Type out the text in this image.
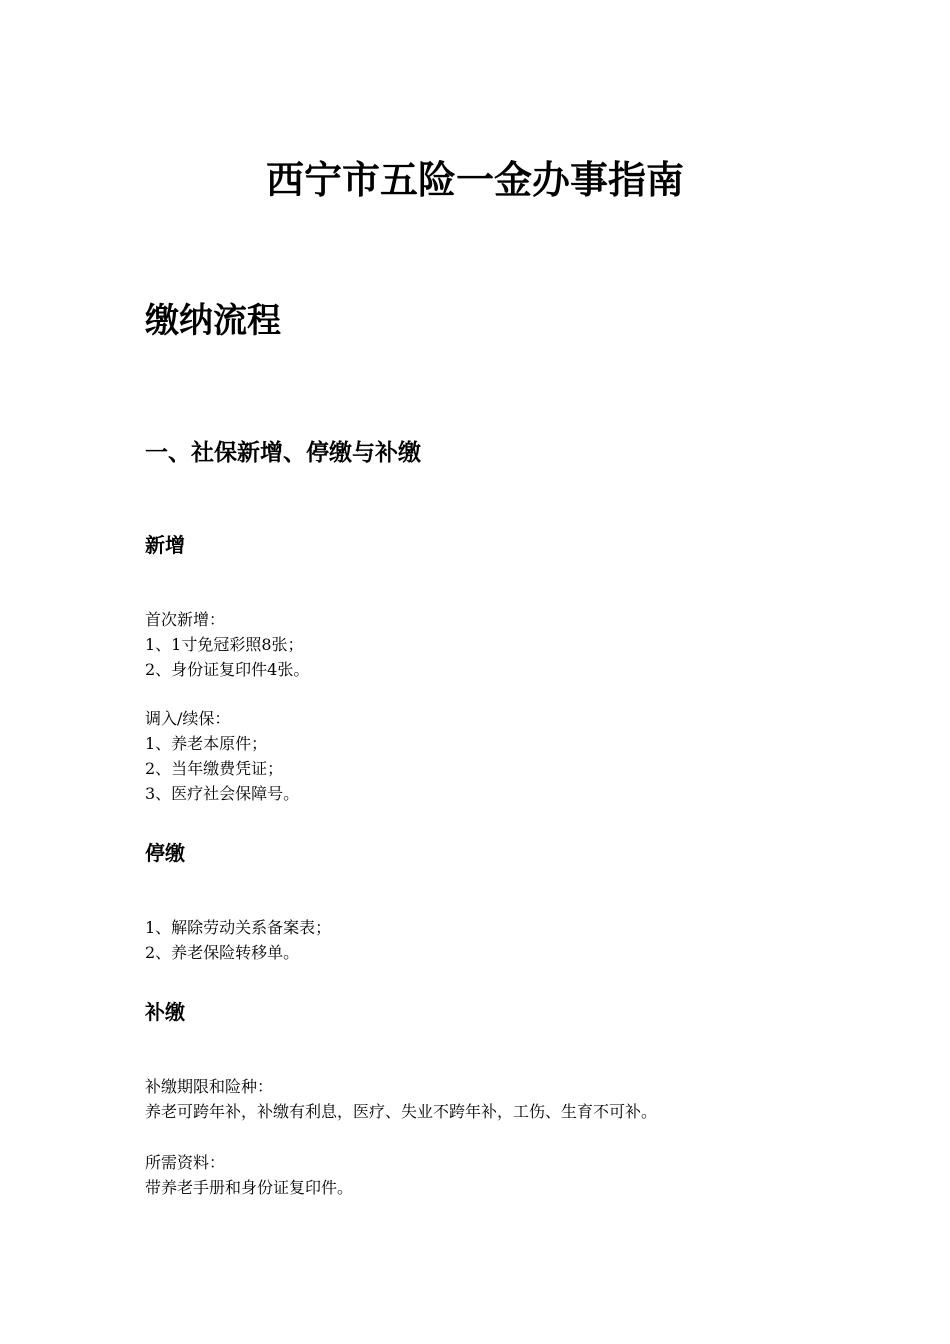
西宁市五险一金办事指南
缴纳流程
一、社保新增、停缴与补缴
新增
首次新增：
1、1寸免冠彩照8张；
2、身份证复印件4张。
调入/续保：
1、养老本原件；
2、当年缴费凭证；
3、医疗社会保障号。
停缴
1、解除劳动关系备案表；
2、养老保险转移单。
补缴
补缴期限和险种：
养老可跨年补，补缴有利息，医疗、失业不跨年补，工伤、生育不可补。
所需资料：
带养老手册和身份证复印件。
